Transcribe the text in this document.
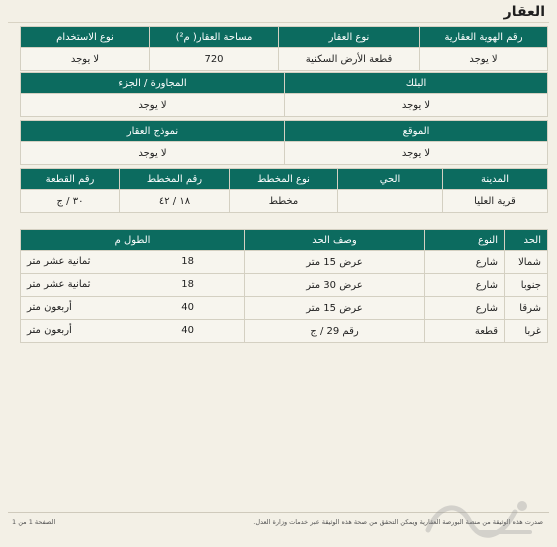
العقار
رقم الهوية العقارية	نوع العقار	مساحة العقار( م²)	نوع الاستخدام
لا يوجد	قطعة الأرض السكنية	720	لا يوجد
البلك	المجاورة / الجزء
لا يوجد	لا يوجد
الموقع	نموذج العقار
لا يوجد	لا يوجد
المدينة	الحي	نوع المخطط	رقم المخطط	رقم القطعة
قرية العليا		مخطط	١٨ / ٤٢	٣٠ / ج
الحد	النوع	وصف الحد	الطول م
شمالا	شارع	عرض 15 متر	18
ثمانية عشر متر

جنوبا	شارع	عرض 30 متر	18
ثمانية عشر متر

شرقا	شارع	عرض 15 متر	40
أربعون متر

غربا	قطعة	رقم 29 / ج	40
أربعون متر
صدرت هذه الوثيقة من منصة البورصة العقارية ويمكن التحقق من صحة هذه الوثيقة عبر خدمات وزارة العدل.
الصفحة 1 من 1
